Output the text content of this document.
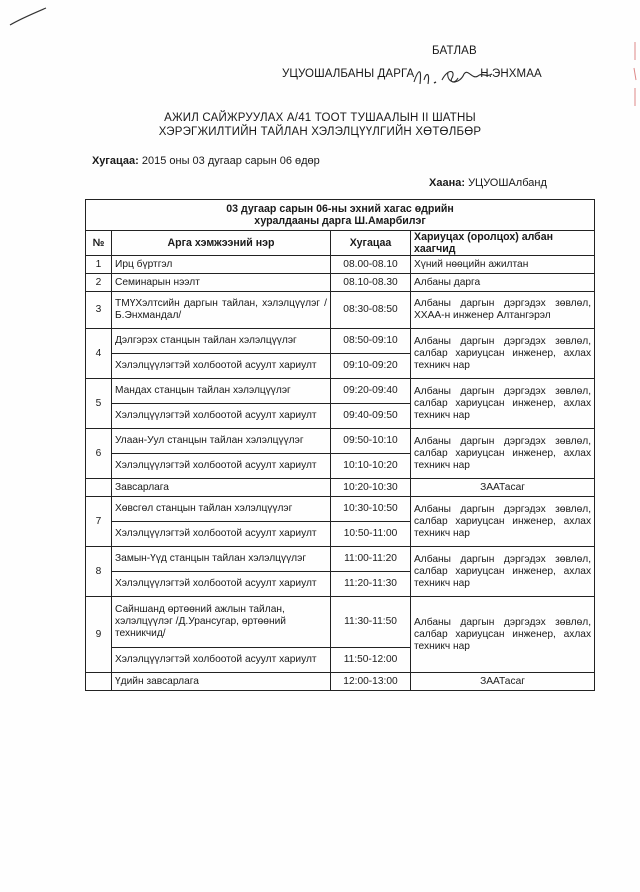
БАТЛАВ
УЦУОШАЛБАНЫ ДАРГА	Н.ЭНХМАА
АЖИЛ САЙЖРУУЛАХ А/41 ТООТ ТУШААЛЫН II ШАТНЫ
ХЭРЭГЖИЛТИЙН ТАЙЛАН ХЭЛЭЛЦҮҮЛГИЙН ХӨТӨЛБӨР
Хугацаа: 2015 оны 03 дугаар сарын 06 өдөр
Хаана: УЦУОШАлбанд
03 дугаар сарын 06-ны эхний хагас өдрийн
хуралдааны дарга Ш.Амарбилэг			

№	Арга хэмжээний нэр	Хугацаа	Хариуцах (оролцох) албан хаагчид
1	Ирц бүртгэл	08.00-08.10	Хүний нөөцийн ажилтан
2	Семинарын нээлт	08.10-08.30	Албаны дарга
3	ТМҮХэлтсийн даргын тайлан, хэлэлцүүлэг /Б.Энхмандал/	08:30-08:50	Албаны даргын дэргэдэх зөвлөл, ХХАА-н инженер Алтангэрэл
4	Дэлгэрэх станцын тайлан хэлэлцүүлэг	08:50-09:10	Албаны даргын дэргэдэх зөвлөл, салбар хариуцсан инженер, ахлах техникч нар
	Хэлэлцүүлэгтэй холбоотой асуулт хариулт	09:10-09:20	
5	Мандах станцын тайлан хэлэлцүүлэг	09:20-09:40	Албаны даргын дэргэдэх зөвлөл, салбар хариуцсан инженер, ахлах техникч нар
	Хэлэлцүүлэгтэй холбоотой асуулт хариулт	09:40-09:50	
6	Улаан-Уул станцын тайлан хэлэлцүүлэг	09:50-10:10	Албаны даргын дэргэдэх зөвлөл, салбар хариуцсан инженер, ахлах техникч нар
	Хэлэлцүүлэгтэй холбоотой асуулт хариулт	10:10-10:20	
	Завсарлага	10:20-10:30	ЗААТасаг
7	Хөвсгөл станцын тайлан хэлэлцүүлэг	10:30-10:50	Албаны даргын дэргэдэх зөвлөл, салбар хариуцсан инженер, ахлах техникч нар
	Хэлэлцүүлэгтэй холбоотой асуулт хариулт	10:50-11:00	
8	Замын-Үүд станцын тайлан хэлэлцүүлэг	11:00-11:20	Албаны даргын дэргэдэх зөвлөл, салбар хариуцсан инженер, ахлах техникч нар
	Хэлэлцүүлэгтэй холбоотой асуулт хариулт	11:20-11:30	
9	Сайншанд өртөөний ажлын тайлан, хэлэлцүүлэг /Д.Урансугар, өртөөний техникчид/	11:30-11:50	Албаны даргын дэргэдэх зөвлөл, салбар хариуцсан инженер, ахлах техникч нар
	Хэлэлцүүлэгтэй холбоотой асуулт хариулт	11:50-12:00	
	Үдийн завсарлага	12:00-13:00	ЗААТасаг
